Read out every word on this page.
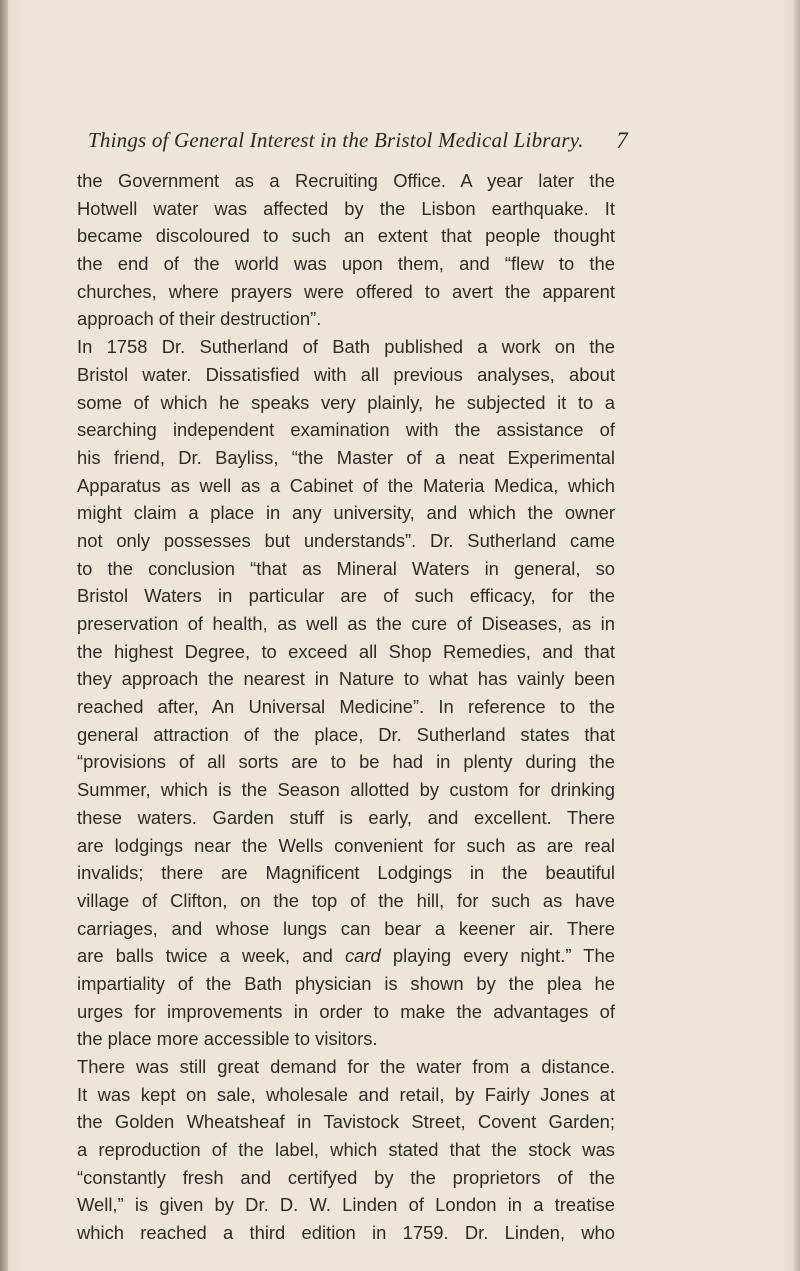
Things of General Interest in the Bristol Medical Library. 7
the Government as a Recruiting Office. A year later the
Hotwell water was affected by the Lisbon earthquake. It
became discoloured to such an extent that people thought
the end of the world was upon them, and “flew to the
churches, where prayers were offered to avert the apparent
approach of their destruction”.
In 1758 Dr. Sutherland of Bath published a work on the
Bristol water. Dissatisfied with all previous analyses, about
some of which he speaks very plainly, he subjected it to a
searching independent examination with the assistance of
his friend, Dr. Bayliss, “the Master of a neat Experimental
Apparatus as well as a Cabinet of the Materia Medica, which
might claim a place in any university, and which the owner
not only possesses but understands”. Dr. Sutherland came
to the conclusion “that as Mineral Waters in general, so
Bristol Waters in particular are of such efficacy, for the
preservation of health, as well as the cure of Diseases, as in
the highest Degree, to exceed all Shop Remedies, and that
they approach the nearest in Nature to what has vainly been
reached after, An Universal Medicine”. In reference to the
general attraction of the place, Dr. Sutherland states that
“provisions of all sorts are to be had in plenty during the
Summer, which is the Season allotted by custom for drinking
these waters. Garden stuff is early, and excellent. There
are lodgings near the Wells convenient for such as are real
invalids; there are Magnificent Lodgings in the beautiful
village of Clifton, on the top of the hill, for such as have
carriages, and whose lungs can bear a keener air. There
are balls twice a week, and card playing every night.” The
impartiality of the Bath physician is shown by the plea he
urges for improvements in order to make the advantages of
the place more accessible to visitors.
There was still great demand for the water from a distance.
It was kept on sale, wholesale and retail, by Fairly Jones at
the Golden Wheatsheaf in Tavistock Street, Covent Garden;
a reproduction of the label, which stated that the stock was
“constantly fresh and certifyed by the proprietors of the
Well,” is given by Dr. D. W. Linden of London in a treatise
which reached a third edition in 1759. Dr. Linden, who
